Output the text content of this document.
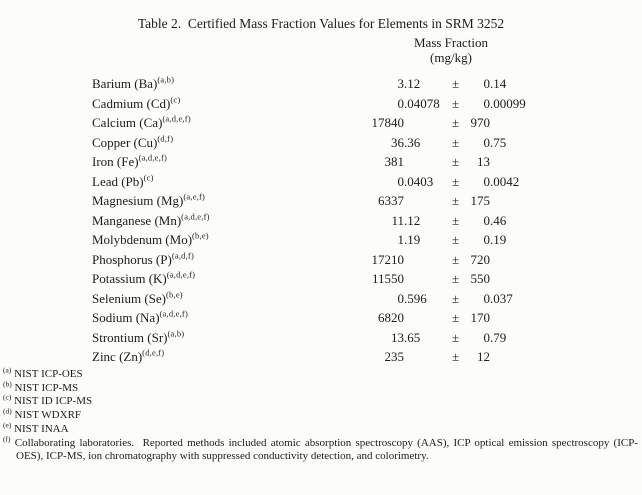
Table 2.  Certified Mass Fraction Values for Elements in SRM 3252
Mass Fraction
(mg/kg)
Barium $(Ba)^{(a,b)}$	3 .12	±	0 .14
Cadmium $(Cd)^{(c)}$	0 .04078 ±	0 .00099
Calcium $(Ca)^{(a,d,e,f)}$	17840	± 970
Copper $(Cu)^{(d,f)}$	36 .36	±	0 .75
Iron $(Fe)^{(a,d,e,f)}$	381	±	13
Lead $(Pb)^{(c)}$	0 .0403	±	0 .0042
Magnesium $(Mg)^{(a,e,f)}$	6337	± 175
Manganese $(Mn)^{(a,d,e,f)}$	11 .12	±	0 .46
Molybdenum $(Mo)^{(b,e)}$	1 .19	±	0 .19
Phosphorus $(P)^{(a,d,f)}$	17210	± 720
Potassium $(K)^{(a,d,e,f)}$	11550	± 550
Selenium $(Se)^{(b,e)}$	0 .596	±	0 .037
Sodium $(Na)^{(a,d,e,f)}$	6820	± 170
Strontium $(Sr)^{(a,b)}$	13 .65	±	0 .79
Zinc $(Zn)^{(d,e,f)}$	235	±	12
$^{(a)}$ NIST ICP-OES
$^{(b)}$ NIST ICP-MS
$^{(c)}$ NIST ID ICP-MS
$^{(d)}$ NIST WDXRF
$^{(e)}$ NIST INAA
$^{(f)}$ Collaborating laboratories.  Reported methods included atomic absorption spectroscopy (AAS), ICP optical emission spectroscopy (ICP-OES), ICP-MS, ion chromatography with suppressed conductivity detection, and colorimetry.
